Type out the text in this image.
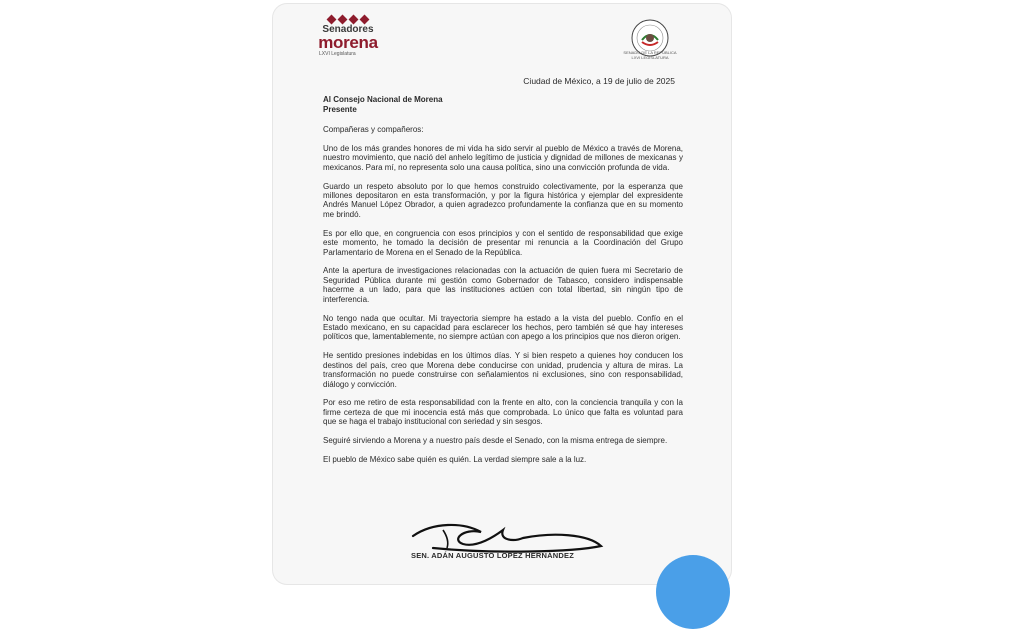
Senadores
morena
LXVI Legislatura	SENADO DE LA REPÚBLICA LXVI LEGISLATURA
Ciudad de México, a 19 de julio de 2025
Al Consejo Nacional de Morena
Presente

Compañeras y compañeros:

Uno de los más grandes honores de mi vida ha sido servir al pueblo de México a través de Morena, nuestro movimiento, que nació del anhelo legítimo de justicia y dignidad de millones de mexicanas y mexicanos. Para mí, no representa solo una causa política, sino una convicción profunda de vida.

Guardo un respeto absoluto por lo que hemos construido colectivamente, por la esperanza que millones depositaron en esta transformación, y por la figura histórica y ejemplar del expresidente Andrés Manuel López Obrador, a quien agradezco profundamente la confianza que en su momento me brindó.

Es por ello que, en congruencia con esos principios y con el sentido de responsabilidad que exige este momento, he tomado la decisión de presentar mi renuncia a la Coordinación del Grupo Parlamentario de Morena en el Senado de la República.

Ante la apertura de investigaciones relacionadas con la actuación de quien fuera mi Secretario de Seguridad Pública durante mi gestión como Gobernador de Tabasco, considero indispensable hacerme a un lado, para que las instituciones actúen con total libertad, sin ningún tipo de interferencia.

No tengo nada que ocultar. Mi trayectoria siempre ha estado a la vista del pueblo. Confío en el Estado mexicano, en su capacidad para esclarecer los hechos, pero también sé que hay intereses políticos que, lamentablemente, no siempre actúan con apego a los principios que nos dieron origen.

He sentido presiones indebidas en los últimos días. Y si bien respeto a quienes hoy conducen los destinos del país, creo que Morena debe conducirse con unidad, prudencia y altura de miras. La transformación no puede construirse con señalamientos ni exclusiones, sino con responsabilidad, diálogo y convicción.

Por eso me retiro de esta responsabilidad con la frente en alto, con la conciencia tranquila y con la firme certeza de que mi inocencia está más que comprobada. Lo único que falta es voluntad para que se haga el trabajo institucional con seriedad y sin sesgos.

Seguiré sirviendo a Morena y a nuestro país desde el Senado, con la misma entrega de siempre.

El pueblo de México sabe quién es quién. La verdad siempre sale a la luz.

SEN. ADÁN AUGUSTO LÓPEZ HERNÁNDEZ
